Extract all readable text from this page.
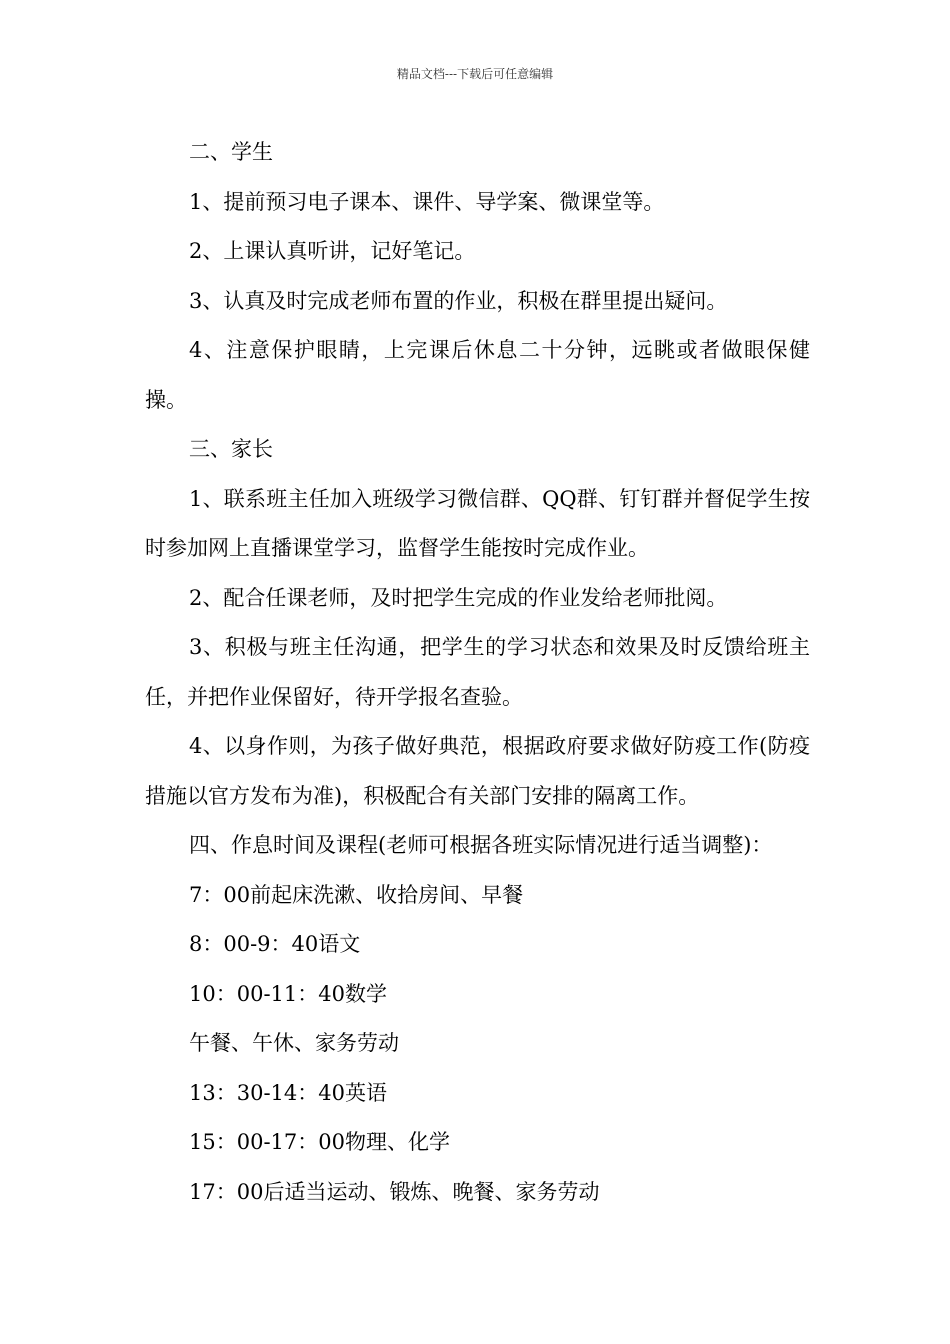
精品文档---下载后可任意编辑

二、学生

1、提前预习电子课本、课件、导学案、微课堂等。

2、上课认真听讲，记好笔记。

3、认真及时完成老师布置的作业，积极在群里提出疑问。

4、注意保护眼睛，上完课后休息二十分钟，远眺或者做眼保健操。

三、家长

1、联系班主任加入班级学习微信群、QQ群、钉钉群并督促学生按时参加网上直播课堂学习，监督学生能按时完成作业。

2、配合任课老师，及时把学生完成的作业发给老师批阅。

3、积极与班主任沟通，把学生的学习状态和效果及时反馈给班主任，并把作业保留好，待开学报名查验。

4、以身作则，为孩子做好典范，根据政府要求做好防疫工作(防疫措施以官方发布为准)，积极配合有关部门安排的隔离工作。

四、作息时间及课程(老师可根据各班实际情况进行适当调整)：

7：00前起床洗漱、收拾房间、早餐

8：00-9：40语文

10：00-11：40数学

午餐、午休、家务劳动

13：30-14：40英语

15：00-17：00物理、化学

17：00后适当运动、锻炼、晚餐、家务劳动
